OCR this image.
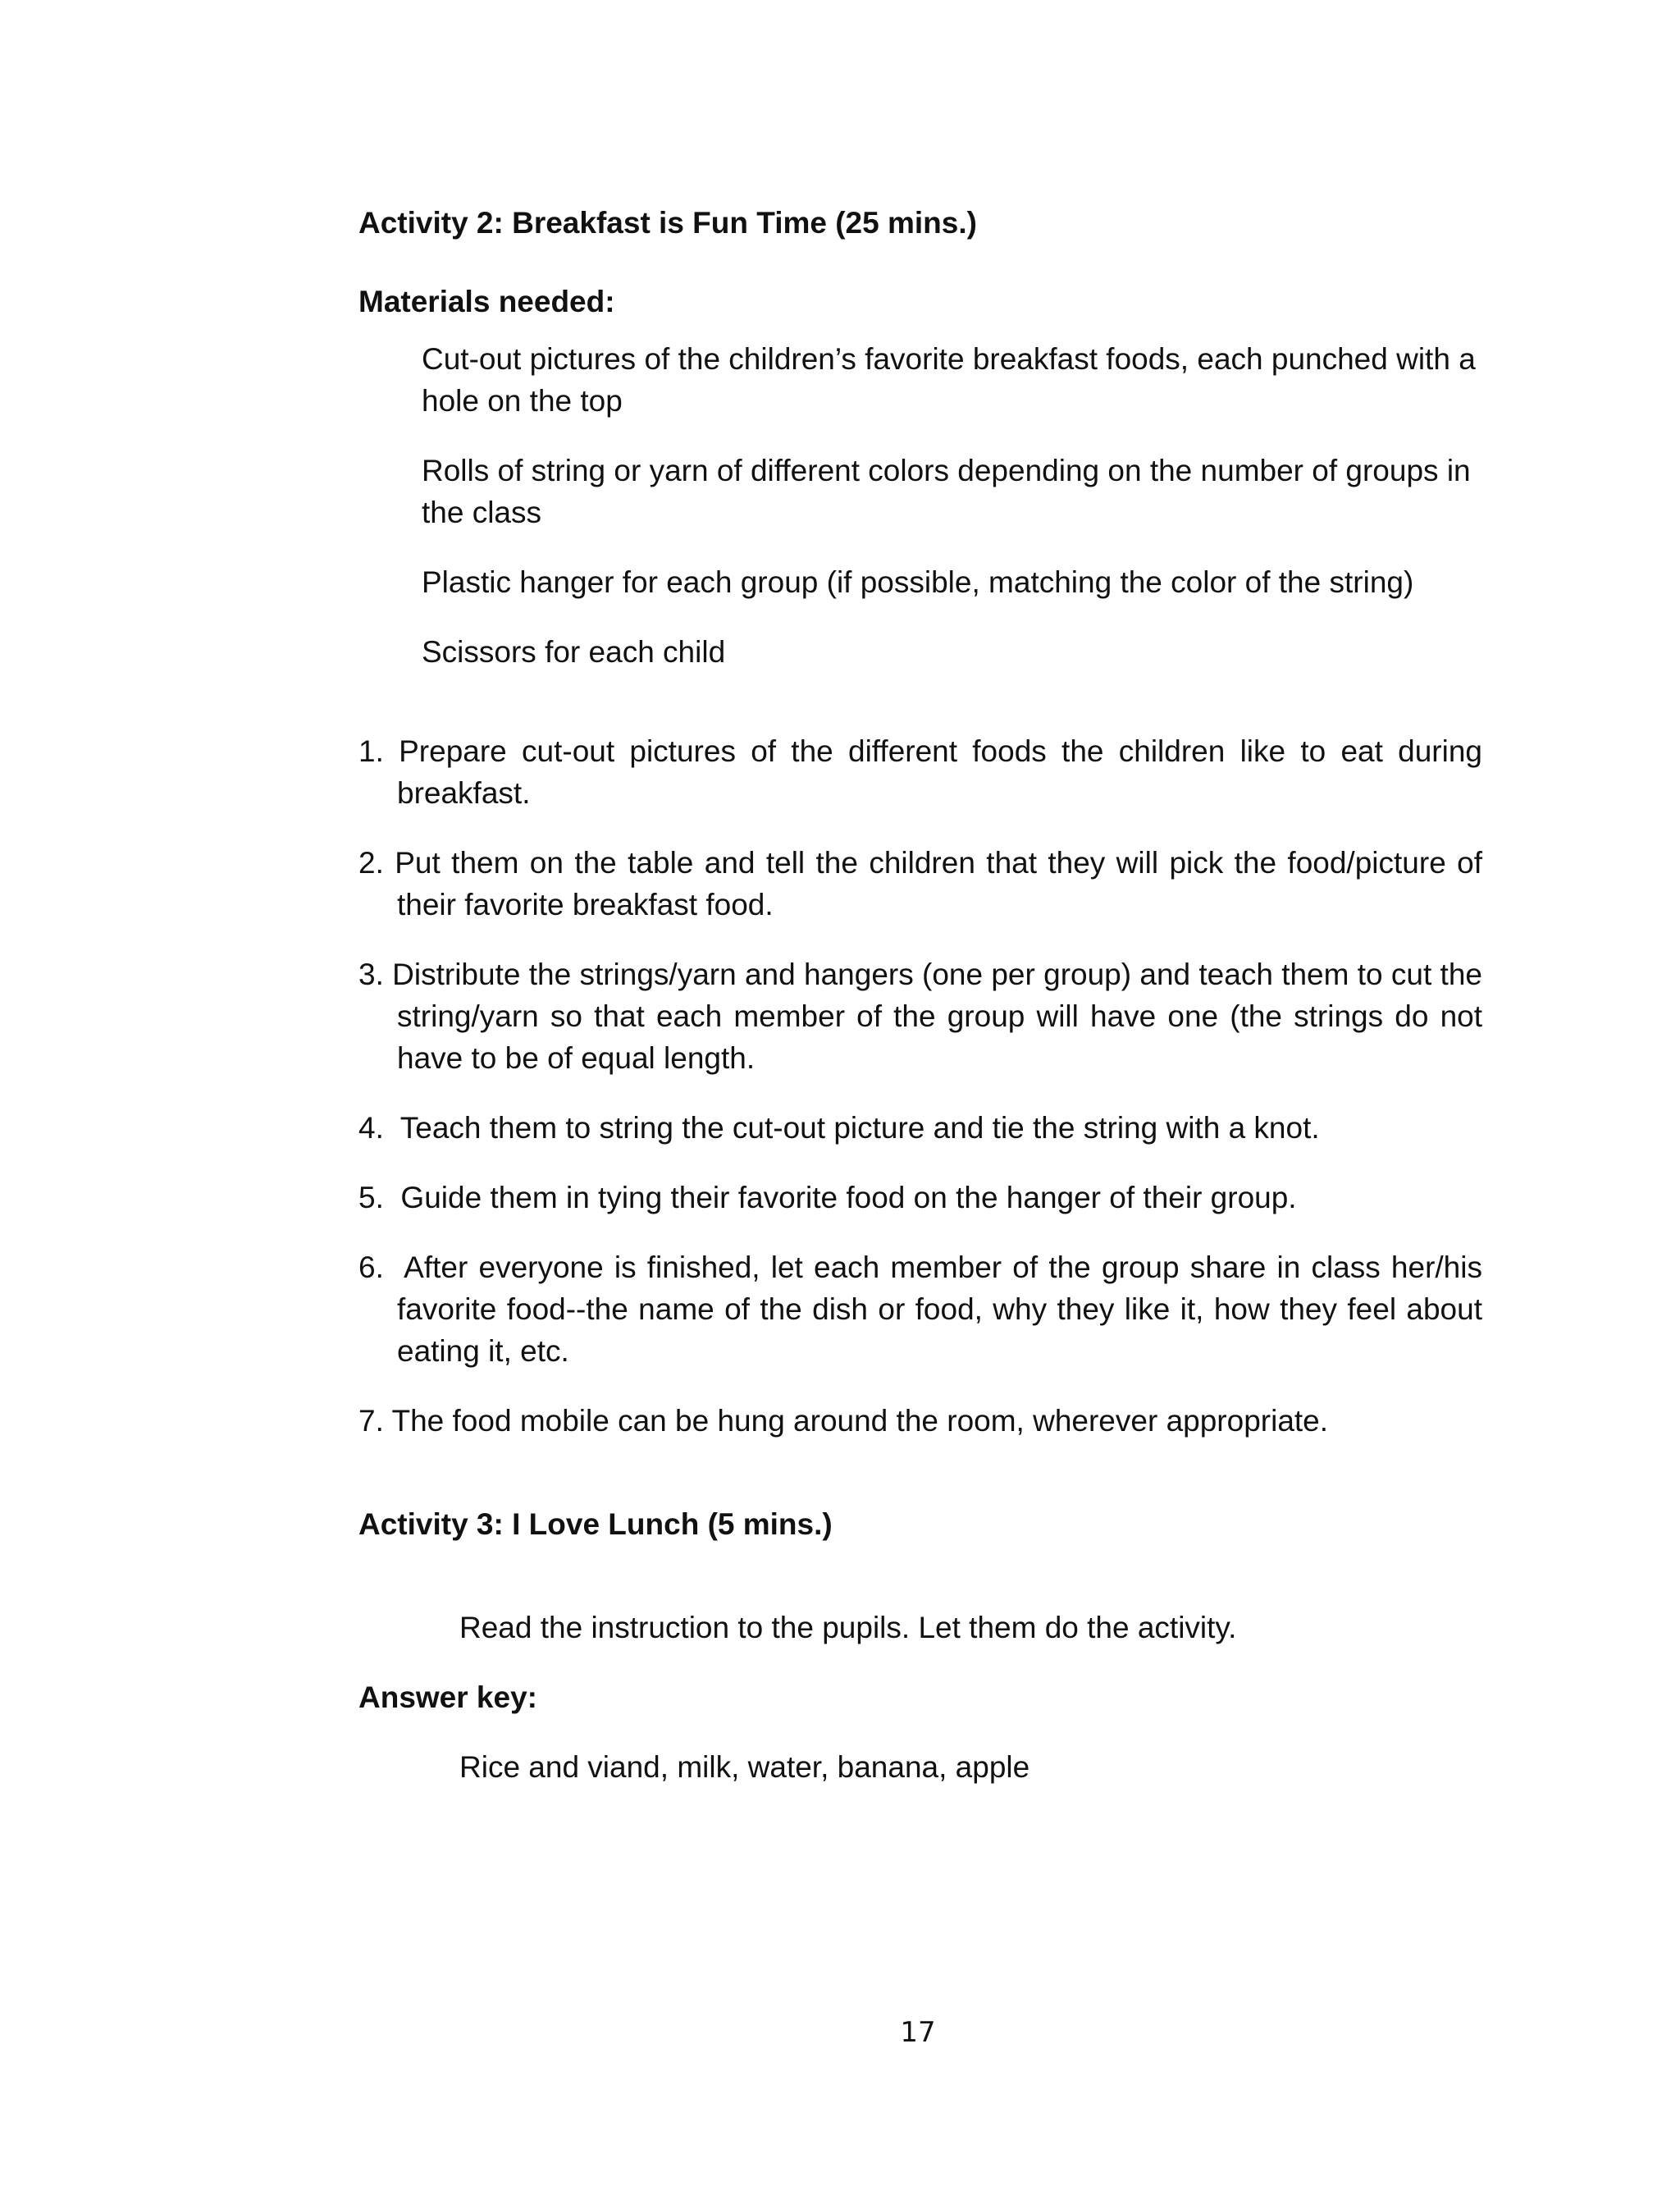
Activity 2: Breakfast is Fun Time (25 mins.)

Materials needed:

Cut-out pictures of the children’s favorite breakfast foods, each punched with a hole on the top

Rolls of string or yarn of different colors depending on the number of groups in the class

Plastic hanger for each group (if possible, matching the color of the string)

Scissors for each child

1. Prepare cut-out pictures of the different foods the children like to eat during breakfast.

2. Put them on the table and tell the children that they will pick the food/picture of their favorite breakfast food.

3. Distribute the strings/yarn and hangers (one per group) and teach them to cut the string/yarn so that each member of the group will have one (the strings do not have to be of equal length.

4. Teach them to string the cut-out picture and tie the string with a knot.

5. Guide them in tying their favorite food on the hanger of their group.

6. After everyone is finished, let each member of the group share in class her/his favorite food--the name of the dish or food, why they like it, how they feel about eating it, etc.

7. The food mobile can be hung around the room, wherever appropriate.

Activity 3: I Love Lunch (5 mins.)

Read the instruction to the pupils. Let them do the activity.

Answer key:

Rice and viand, milk, water, banana, apple

17
